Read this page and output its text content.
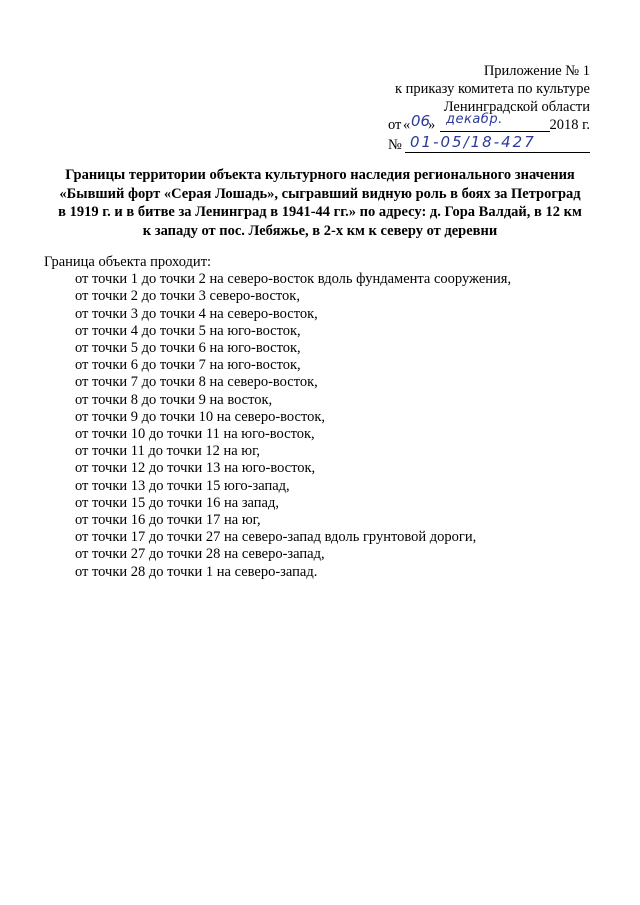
Приложение № 1
к приказу комитета по культуре
Ленинградской области
от « 06
» декабр.	2018 г.
№ 01-05/18-427
Границы территории объекта культурного наследия регионального значения
«Бывший форт «Серая Лошадь», сыгравший видную роль в боях за Петроград
в 1919 г. и в битве за Ленинград в 1941-44 гг.» по адресу: д. Гора Валдай, в 12 км
к западу от пос. Лебяжье, в 2-х км к северу от деревни
Граница объекта проходит:
от точки 1 до точки 2 на северо-восток вдоль фундамента сооружения,
от точки 2 до точки 3 северо-восток,
от точки 3 до точки 4 на северо-восток,
от точки 4 до точки 5 на юго-восток,
от точки 5 до точки 6 на юго-восток,
от точки 6 до точки 7 на юго-восток,
от точки 7 до точки 8 на северо-восток,
от точки 8 до точки 9 на восток,
от точки 9 до точки 10 на северо-восток,
от точки 10 до точки 11 на юго-восток,
от точки 11 до точки 12 на юг,
от точки 12 до точки 13 на юго-восток,
от точки 13 до точки 15 юго-запад,
от точки 15 до точки 16 на запад,
от точки 16 до точки 17 на юг,
от точки 17 до точки 27 на северо-запад вдоль грунтовой дороги,
от точки 27 до точки 28 на северо-запад,
от точки 28 до точки 1 на северо-запад.
